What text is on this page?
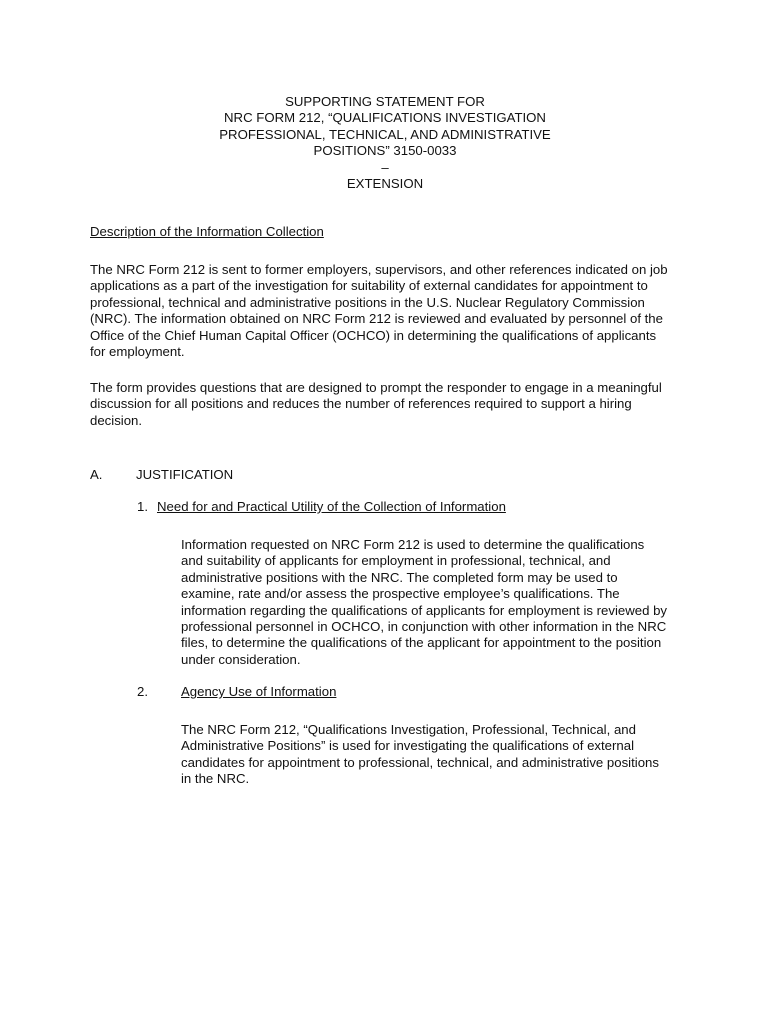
SUPPORTING STATEMENT FOR
NRC FORM 212, “QUALIFICATIONS INVESTIGATION
PROFESSIONAL, TECHNICAL, AND ADMINISTRATIVE
POSITIONS” 3150-0033
–
EXTENSION
Description of the Information Collection

The NRC Form 212 is sent to former employers, supervisors, and other references indicated on job applications as a part of the investigation for suitability of external candidates for appointment to professional, technical and administrative positions in the U.S. Nuclear Regulatory Commission (NRC). The information obtained on NRC Form 212 is reviewed and evaluated by personnel of the Office of the Chief Human Capital Officer (OCHCO) in determining the qualifications of applicants for employment.

The form provides questions that are designed to prompt the responder to engage in a meaningful discussion for all positions and reduces the number of references required to support a hiring decision.

A.	JUSTIFICATION
1. Need for and Practical Utility of the Collection of Information

Information requested on NRC Form 212 is used to determine the qualifications and suitability of applicants for employment in professional, technical, and administrative positions with the NRC. The completed form may be used to examine, rate and/or assess the prospective employee’s qualifications. The information regarding the qualifications of applicants for employment is reviewed by professional personnel in OCHCO, in conjunction with other information in the NRC files, to determine the qualifications of the applicant for appointment to the position under consideration.

2.	Agency Use of Information

The NRC Form 212, “Qualifications Investigation, Professional, Technical, and Administrative Positions” is used for investigating the qualifications of external candidates for appointment to professional, technical, and administrative positions in the NRC.
